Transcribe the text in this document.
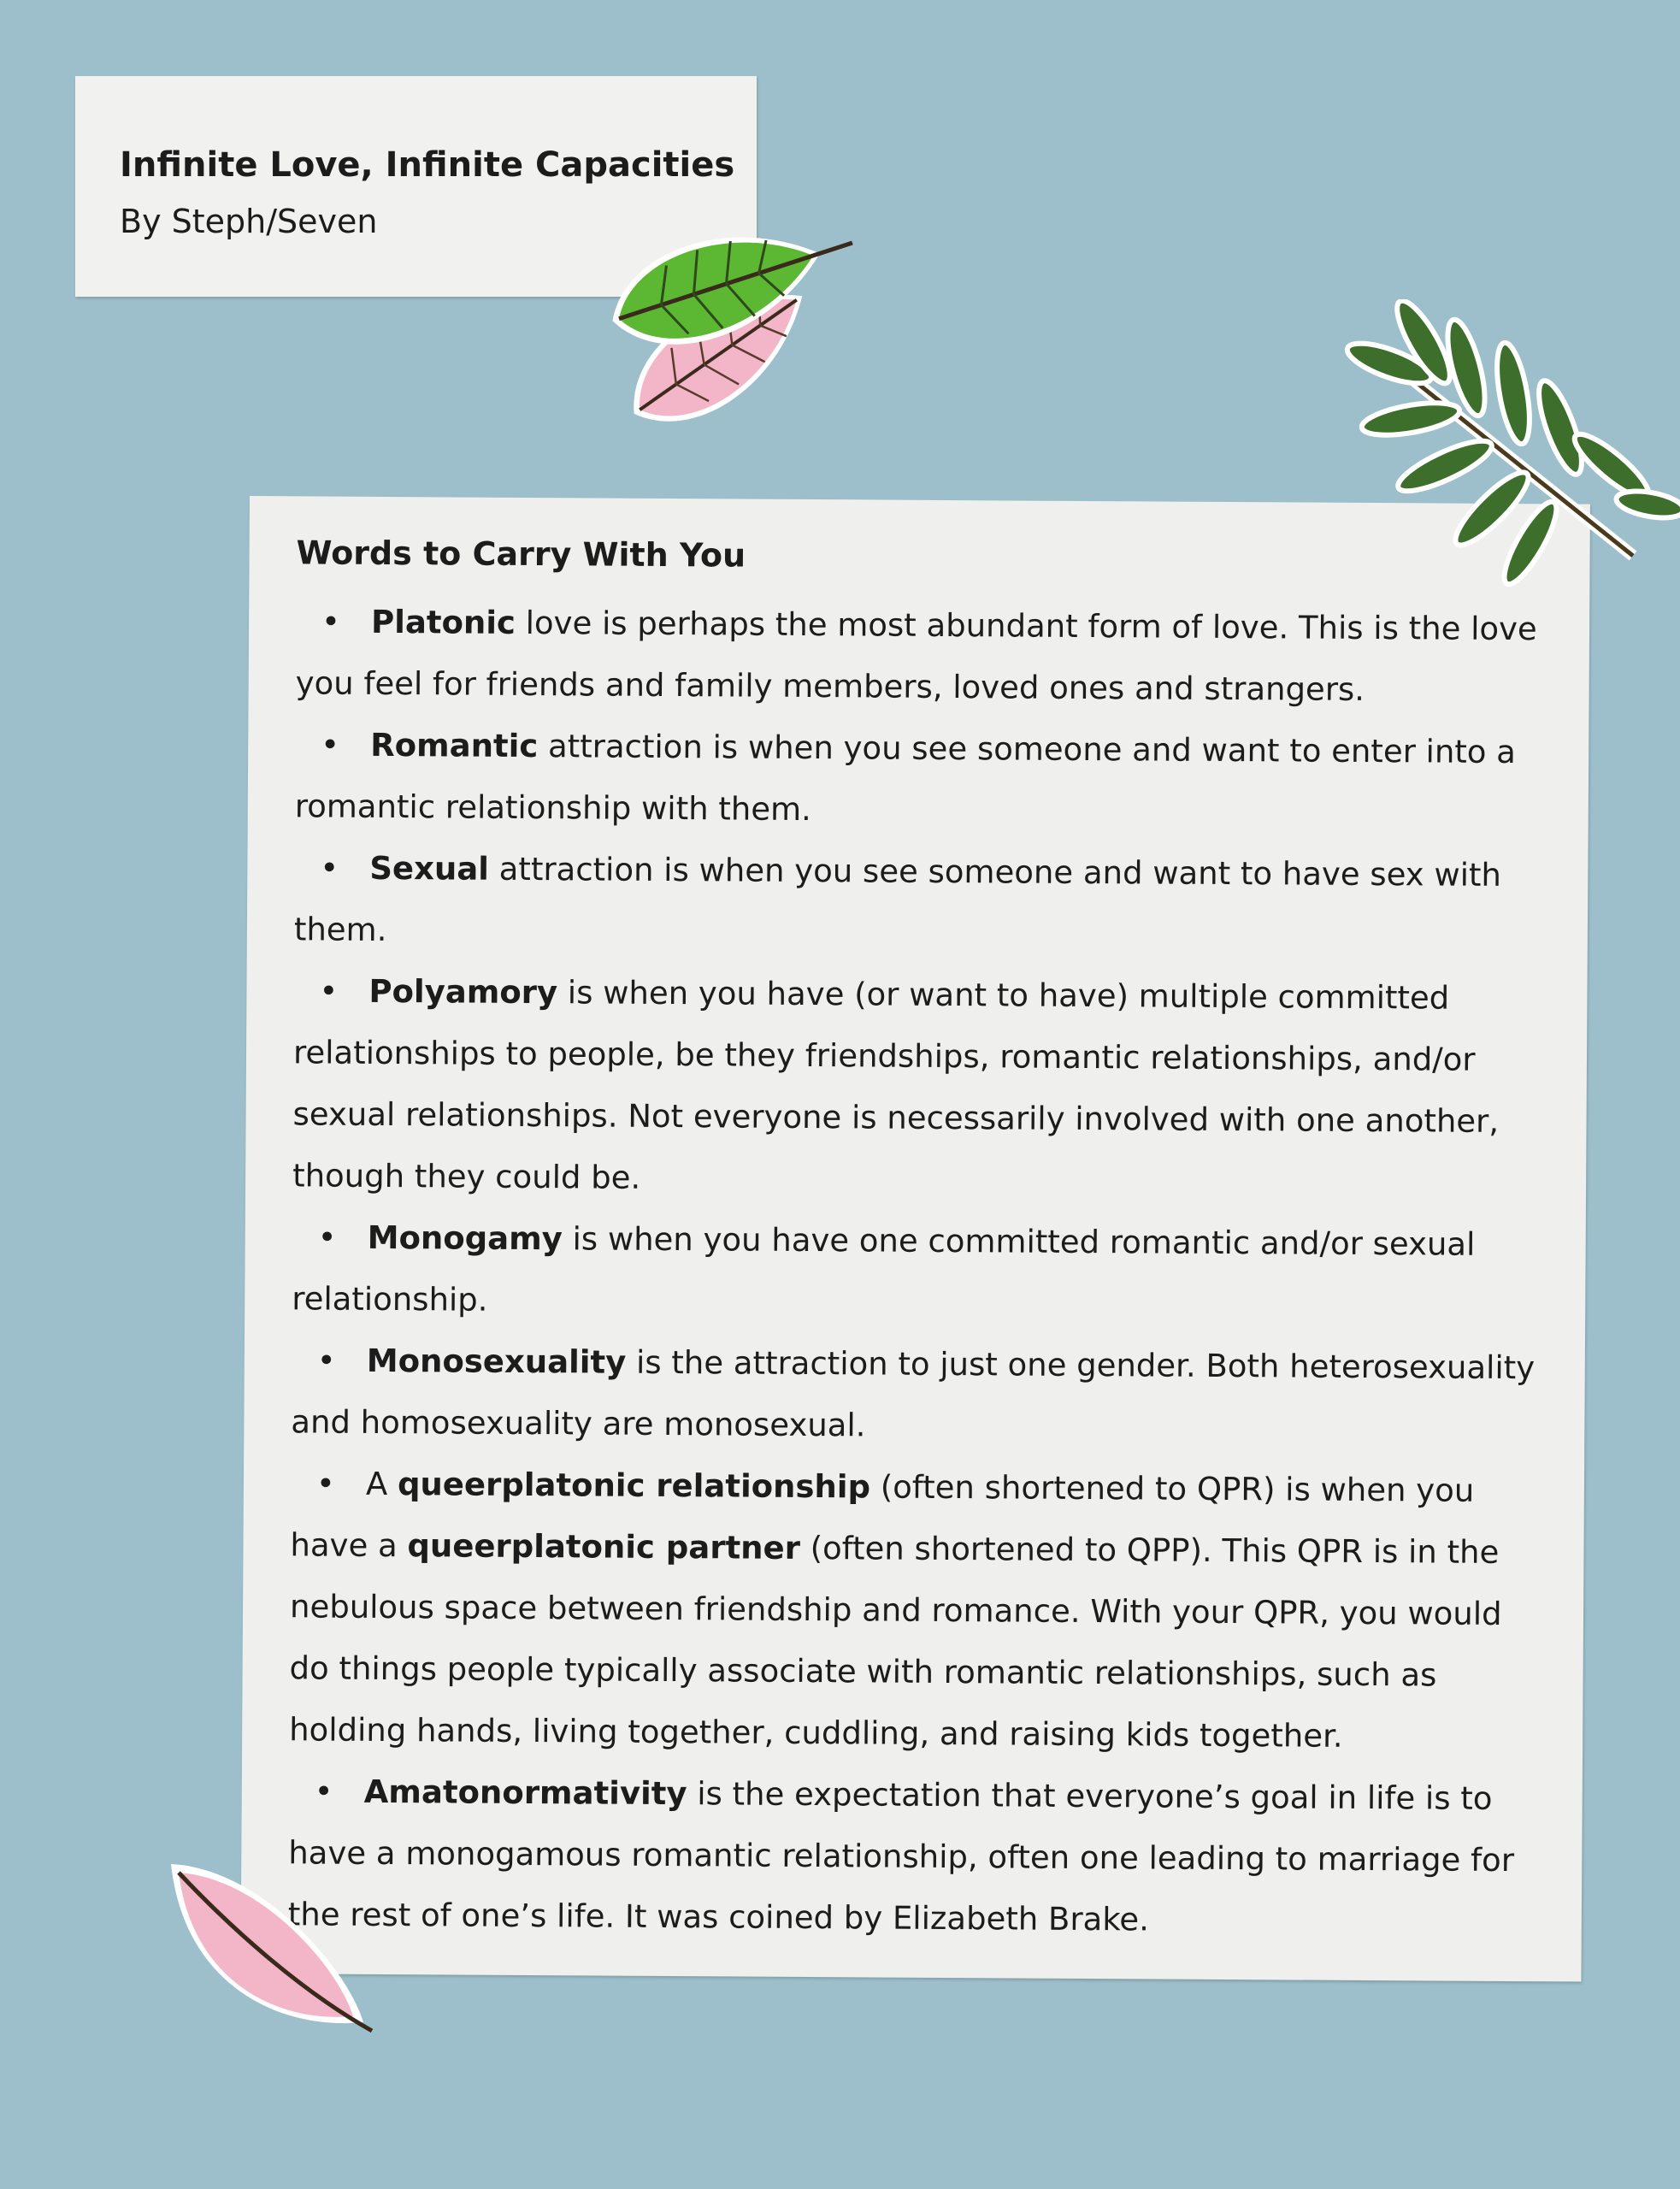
Infinite Love, Infinite Capacities
By Steph/Seven
Words to Carry With You
• Platonic love is perhaps the most abundant form of love. This is the love you feel for friends and family members, loved ones and strangers.
• Romantic attraction is when you see someone and want to enter into a romantic relationship with them.
• Sexual attraction is when you see someone and want to have sex with them.
• Polyamory is when you have (or want to have) multiple committed relationships to people, be they friendships, romantic relationships, and/or sexual relationships. Not everyone is necessarily involved with one another, though they could be.
• Monogamy is when you have one committed romantic and/or sexual relationship.
• Monosexuality is the attraction to just one gender. Both heterosexuality and homosexuality are monosexual.
• A queerplatonic relationship (often shortened to QPR) is when you have a queerplatonic partner (often shortened to QPP). This QPR is in the nebulous space between friendship and romance. With your QPR, you would do things people typically associate with romantic relationships, such as holding hands, living together, cuddling, and raising kids together.
• Amatonormativity is the expectation that everyone’s goal in life is to have a monogamous romantic relationship, often one leading to marriage for the rest of one’s life. It was coined by Elizabeth Brake.
